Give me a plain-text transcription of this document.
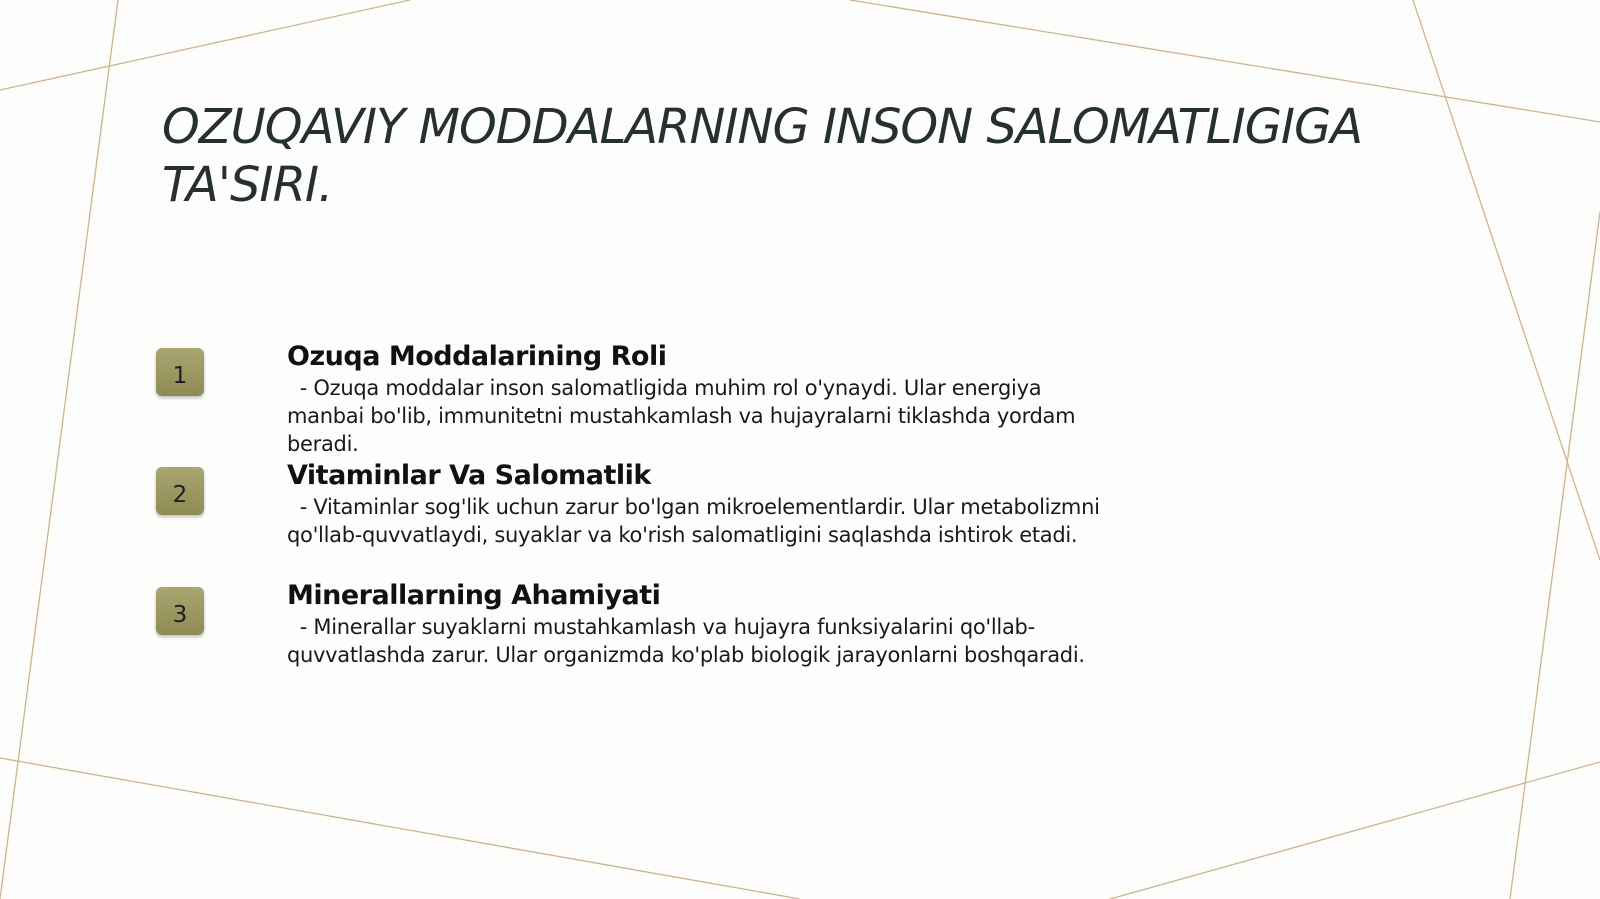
OZUQAVIY MODDALARNING INSON SALOMATLIGIGA TA'SIRI.
1
Ozuqa Moddalarining Roli

- Ozuqa moddalar inson salomatligida muhim rol o'ynaydi. Ular energiya manbai bo'lib, immunitetni mustahkamlash va hujayralarni tiklashda yordam beradi.

2
Vitaminlar Va Salomatlik

- Vitaminlar sog'lik uchun zarur bo'lgan mikroelementlardir. Ular metabolizmni qo'llab-quvvatlaydi, suyaklar va ko'rish salomatligini saqlashda ishtirok etadi.

3
Minerallarning Ahamiyati

- Minerallar suyaklarni mustahkamlash va hujayra funksiyalarini qo'llab-quvvatlashda zarur. Ular organizmda ko'plab biologik jarayonlarni boshqaradi.
